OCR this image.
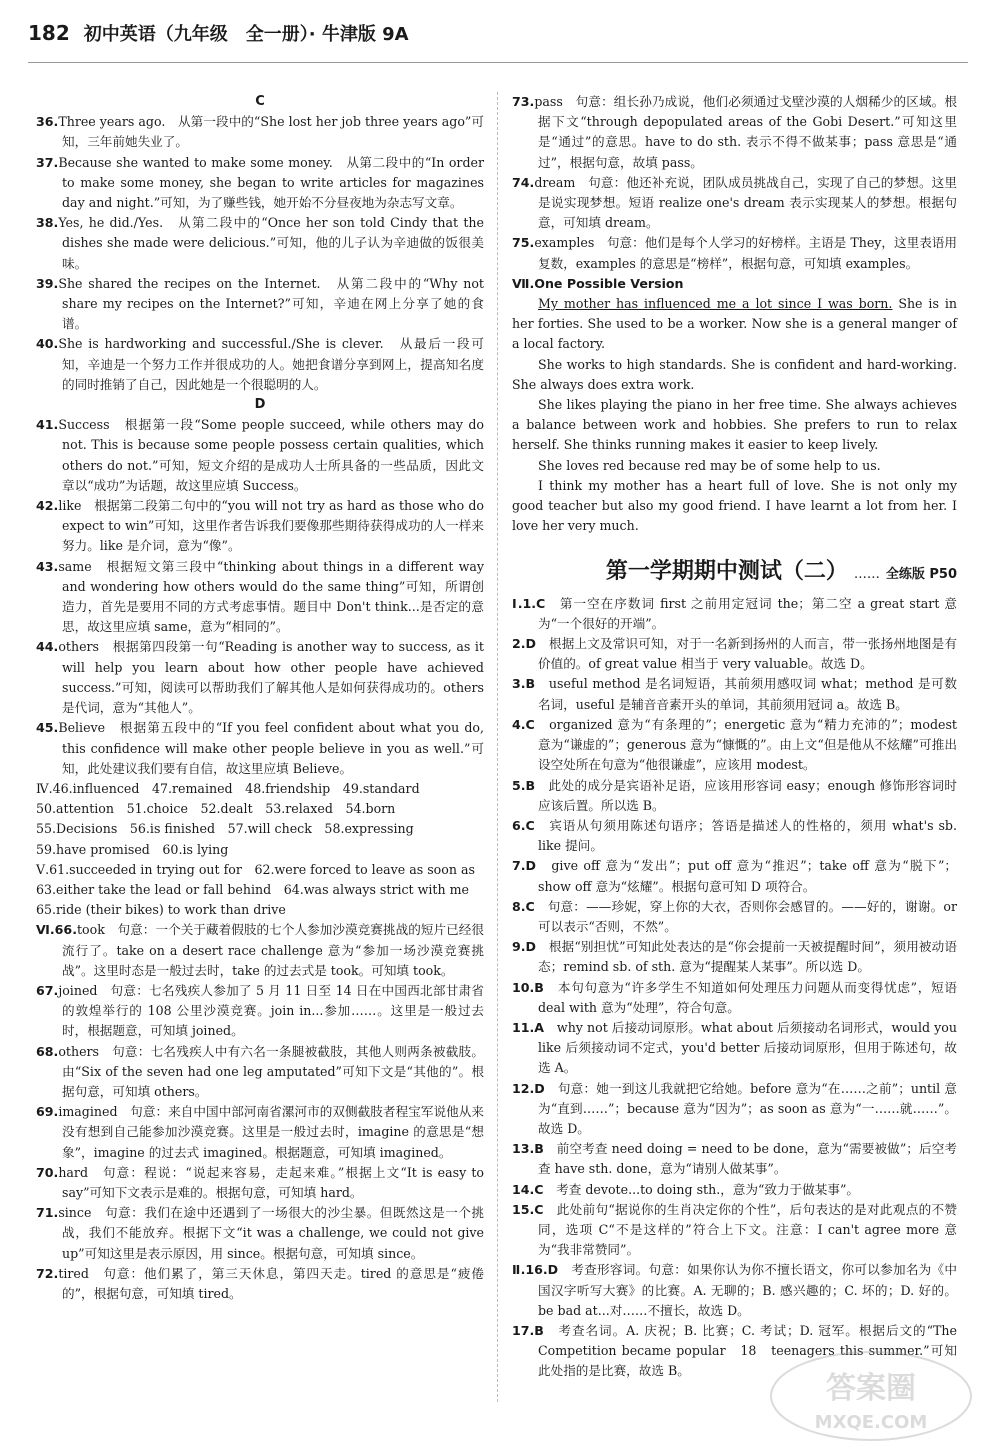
182 初中英语（九年级　全一册）· 牛津版 9A

C

36.Three years ago.　从第一段中的“She lost her job three years ago”可知，三年前她失业了。

37.Because she wanted to make some money.　从第二段中的“In order to make some money, she began to write articles for magazines day and night.”可知，为了赚些钱，她开始不分昼夜地为杂志写文章。

38.Yes, he did./Yes.　从第二段中的“Once her son told Cindy that the dishes she made were delicious.”可知，他的儿子认为辛迪做的饭很美味。

39.She shared the recipes on the Internet.　从第二段中的“Why not share my recipes on the Internet?”可知，辛迪在网上分享了她的食谱。

40.She is hardworking and successful./She is clever.　从最后一段可知，辛迪是一个努力工作并很成功的人。她把食谱分享到网上，提高知名度的同时推销了自己，因此她是一个很聪明的人。

D

41.Success　根据第一段“Some people succeed, while others may do not. This is because some people possess certain qualities, which others do not.”可知，短文介绍的是成功人士所具备的一些品质，因此文章以“成功”为话题，故这里应填 Success。

42.like　根据第二段第二句中的“you will not try as hard as those who do expect to win”可知，这里作者告诉我们要像那些期待获得成功的人一样来努力。like 是介词，意为“像”。

43.same　根据短文第三段中“thinking about things in a different way and wondering how others would do the same thing”可知，所谓创造力，首先是要用不同的方式考虑事情。题目中 Don't think...是否定的意思，故这里应填 same，意为“相同的”。

44.others　根据第四段第一句“Reading is another way to success, as it will help you learn about how other people have achieved success.”可知，阅读可以帮助我们了解其他人是如何获得成功的。others 是代词，意为“其他人”。

45.Believe　根据第五段中的“If you feel confident about what you do, this confidence will make other people believe in you as well.”可知，此处建议我们要有自信，故这里应填 Believe。

Ⅳ.46.influenced　47.remained　48.friendship　49.standard

50.attention　51.choice　52.dealt　53.relaxed　54.born

55.Decisions　56.is finished　57.will check　58.expressing

59.have promised　60.is lying

Ⅴ.61.succeeded in trying out for　62.were forced to leave as soon as

63.either take the lead or fall behind　64.was always strict with me

65.ride (their bikes) to work than drive

Ⅵ.66.took　句意：一个关于藏着假肢的七个人参加沙漠竞赛挑战的短片已经很流行了。take on a desert race challenge 意为“参加一场沙漠竞赛挑战”。这里时态是一般过去时，take 的过去式是 took。可知填 took。

67.joined　句意：七名残疾人参加了 5 月 11 日至 14 日在中国西北部甘肃省的敦煌举行的 108 公里沙漠竞赛。join in...参加……。这里是一般过去时，根据题意，可知填 joined。

68.others　句意：七名残疾人中有六名一条腿被截肢，其他人则两条被截肢。由“Six of the seven had one leg amputated”可知下文是“其他的”。根据句意，可知填 others。

69.imagined　句意：来自中国中部河南省漯河市的双侧截肢者程宝军说他从来没有想到自己能参加沙漠竞赛。这里是一般过去时，imagine 的意思是“想象”，imagine 的过去式 imagined。根据题意，可知填 imagined。

70.hard　句意：程说：“说起来容易，走起来难。”根据上文“It is easy to say”可知下文表示是难的。根据句意，可知填 hard。

71.since　句意：我们在途中还遇到了一场很大的沙尘暴。但既然这是一个挑战，我们不能放弃。根据下文“it was a challenge, we could not give up”可知这里是表示原因，用 since。根据句意，可知填 since。

72.tired　句意：他们累了，第三天休息，第四天走。tired 的意思是“疲倦的”，根据句意，可知填 tired。

73.pass　句意：组长孙乃成说，他们必须通过戈壁沙漠的人烟稀少的区域。根据下文“through depopulated areas of the Gobi Desert.”可知这里是“通过”的意思。have to do sth. 表示不得不做某事；pass 意思是“通过”，根据句意，故填 pass。

74.dream　句意：他还补充说，团队成员挑战自己，实现了自己的梦想。这里是说实现梦想。短语 realize one's dream 表示实现某人的梦想。根据句意，可知填 dream。

75.examples　句意：他们是每个人学习的好榜样。主语是 They，这里表语用复数，examples 的意思是“榜样”，根据句意，可知填 examples。

Ⅶ.One Possible Version

My mother has influenced me a lot since I was born. She is in her forties. She used to be a worker. Now she is a general manger of a local factory.

She works to high standards. She is confident and hard-working. She always does extra work.

She likes playing the piano in her free time. She always achieves a balance between work and hobbies. She prefers to run to relax herself. She thinks running makes it easier to keep lively.

She loves red because red may be of some help to us.

I think my mother has a heart full of love. She is not only my good teacher but also my good friend. I have learnt a lot from her. I love her very much.

第一学期期中测试（二） …… 全练版 P50

Ⅰ.1.C　第一空在序数词 first 之前用定冠词 the；第二空 a great start 意为“一个很好的开端”。

2.D　根据上文及常识可知，对于一名新到扬州的人而言，带一张扬州地图是有价值的。of great value 相当于 very valuable。故选 D。

3.B　useful method 是名词短语，其前须用感叹词 what；method 是可数名词，useful 是辅音音素开头的单词，其前须用冠词 a。故选 B。

4.C　organized 意为“有条理的”；energetic 意为“精力充沛的”；modest 意为“谦虚的”；generous 意为“慷慨的”。由上文“但是他从不炫耀”可推出设空处所在句意为“他很谦虚”，应该用 modest。

5.B　此处的成分是宾语补足语，应该用形容词 easy；enough 修饰形容词时应该后置。所以选 B。

6.C　宾语从句须用陈述句语序；答语是描述人的性格的，须用 what's sb. like 提问。

7.D　give off 意为“发出”；put off 意为“推迟”；take off 意为“脱下”；show off 意为“炫耀”。根据句意可知 D 项符合。

8.C　句意：——珍妮，穿上你的大衣，否则你会感冒的。——好的，谢谢。or 可以表示“否则，不然”。

9.D　根据“别担忧”可知此处表达的是“你会提前一天被提醒时间”，须用被动语态；remind sb. of sth. 意为“提醒某人某事”。所以选 D。

10.B　本句句意为“许多学生不知道如何处理压力问题从而变得忧虑”，短语 deal with 意为“处理”，符合句意。

11.A　why not 后接动词原形。what about 后须接动名词形式，would you like 后须接动词不定式，you'd better 后接动词原形，但用于陈述句，故选 A。

12.D　句意：她一到这儿我就把它给她。before 意为“在……之前”；until 意为“直到……”；because 意为“因为”；as soon as 意为“一……就……”。故选 D。

13.B　前空考查 need doing = need to be done，意为“需要被做”；后空考查 have sth. done，意为“请别人做某事”。

14.C　考查 devote...to doing sth.，意为“致力于做某事”。

15.C　此处前句“据说你的生肖决定你的个性”，后句表达的是对此观点的不赞同，选项 C“不是这样的”符合上下文。注意：I can't agree more 意为“我非常赞同”。

Ⅱ.16.D　考查形容词。句意：如果你认为你不擅长语文，你可以参加名为《中国汉字听写大赛》的比赛。A. 无聊的；B. 感兴趣的；C. 坏的；D. 好的。be bad at...对……不擅长，故选 D。

17.B　考查名词。A. 庆祝；B. 比赛；C. 考试；D. 冠军。根据后文的“The Competition became popular　18　teenagers this summer.”可知此处指的是比赛，故选 B。

答案圈
MXQE.COM
